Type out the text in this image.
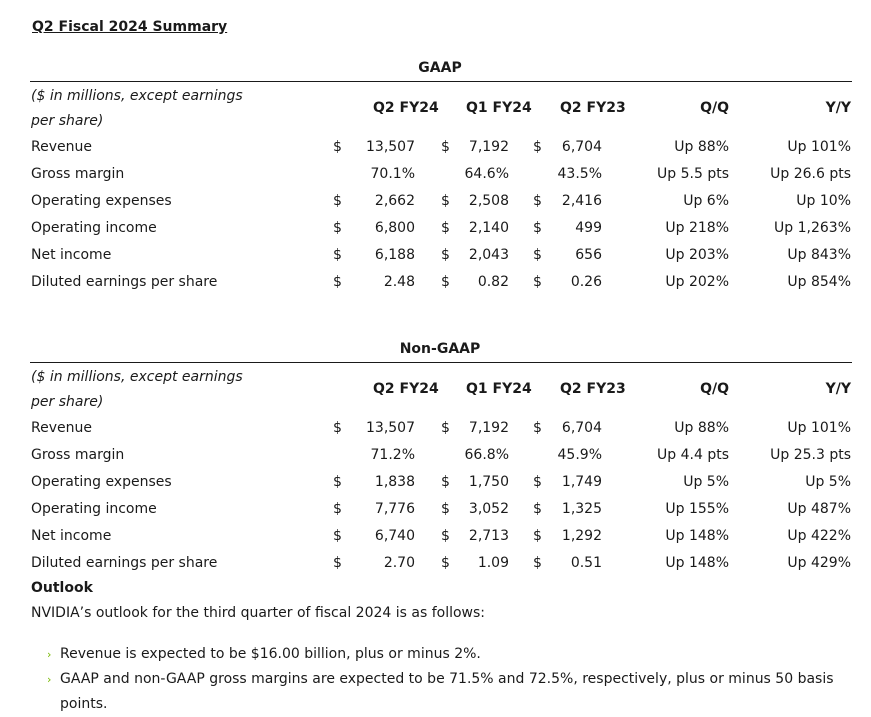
Q2 Fiscal 2024 Summary
GAAP
($ in millions, except earnings
per share)
Q2 FY24 Q1 FY24 Q2 FY23	Q/Q	Y/Y
Revenue	$ 13,507 $ 7,192 $ 6,704	Up 88%	Up 101%
Gross margin	70.1%	64.6%	43.5%	Up 5.5 pts	Up 26.6 pts
Operating expenses	$ 2,662 $ 2,508 $ 2,416	Up 6%	Up 10%
Operating income	$ 6,800 $ 2,140 $ 499	Up 218%	Up 1,263%
Net income	$ 6,188 $ 2,043 $ 656	Up 203%	Up 843%
Diluted earnings per share	$	2.48 $ 0.82 $ 0.26	Up 202%	Up 854%
Non-GAAP
($ in millions, except earnings
per share)
Q2 FY24 Q1 FY24 Q2 FY23	Q/Q	Y/Y
Revenue	$ 13,507 $ 7,192 $ 6,704	Up 88%	Up 101%
Gross margin	71.2%	66.8%	45.9%	Up 4.4 pts	Up 25.3 pts
Operating expenses	$ 1,838 $ 1,750 $ 1,749	Up 5%	Up 5%
Operating income	$ 7,776 $ 3,052 $ 1,325	Up 155%	Up 487%
Net income	$ 6,740 $ 2,713 $ 1,292	Up 148%	Up 422%
Diluted earnings per share	$	2.70 $ 1.09 $ 0.51	Up 148%	Up 429%
Outlook
NVIDIA’s outlook for the third quarter of fiscal 2024 is as follows:
› Revenue is expected to be $16.00 billion, plus or minus 2%.
› GAAP and non-GAAP gross margins are expected to be 71.5% and 72.5%, respectively, plus or minus 50 basis
points.
